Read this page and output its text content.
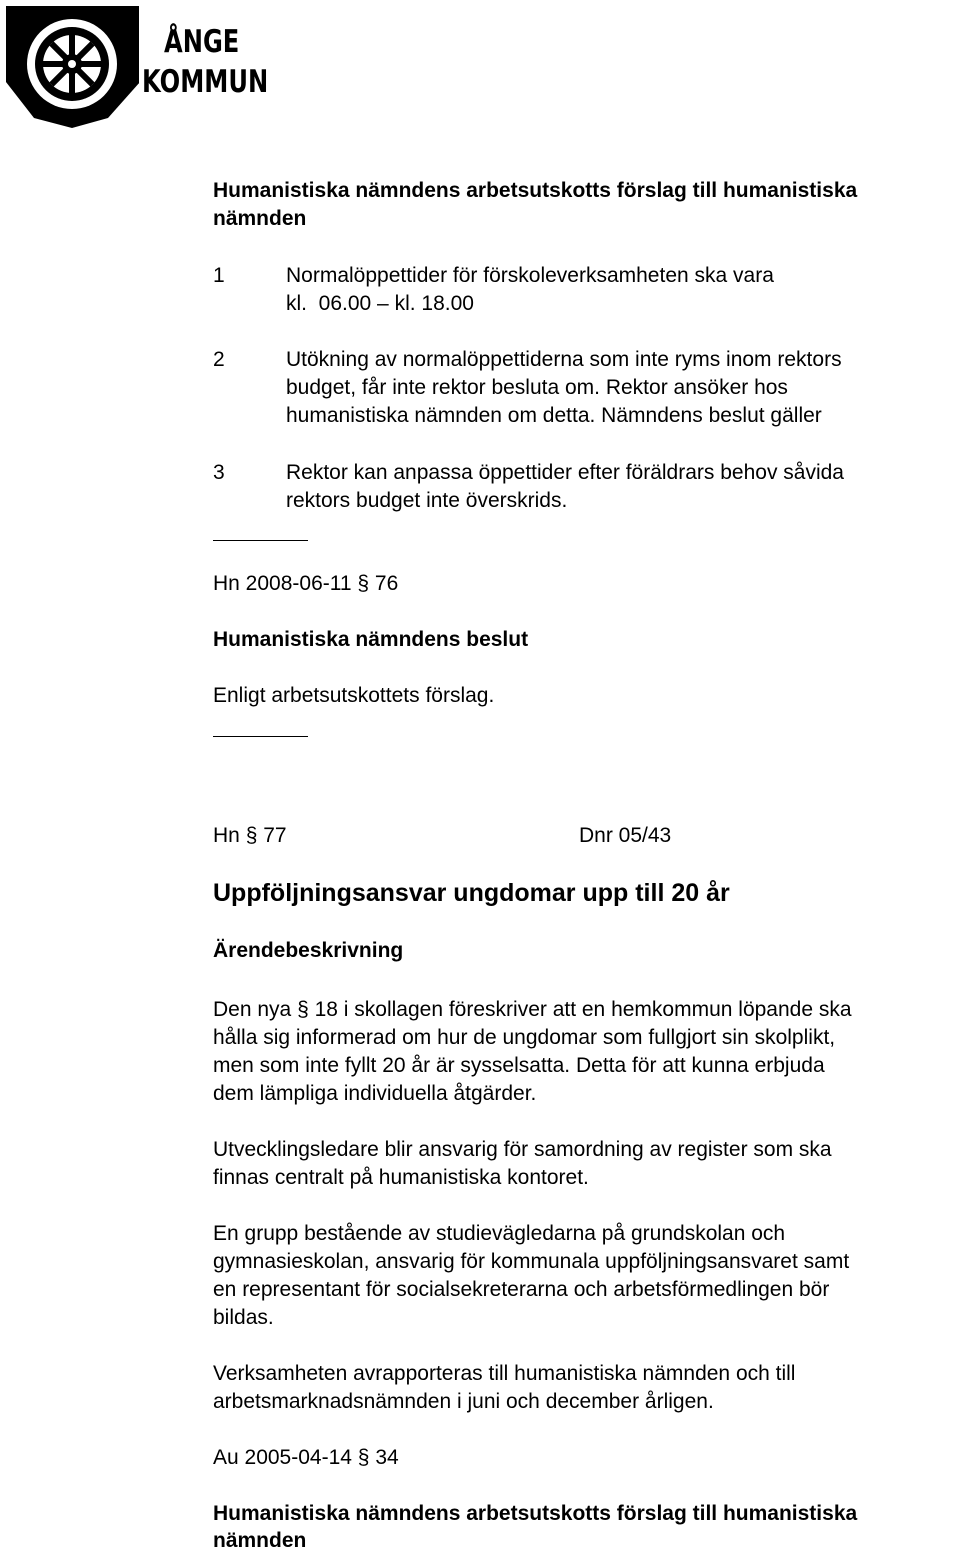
ÅNGE
KOMMUN
Humanistiska nämndens arbetsutskotts förslag till humanistiska
nämnden
1	Normalöppettider för förskoleverksamheten ska vara
kl.  06.00 – kl. 18.00
2	Utökning av normalöppettiderna som inte ryms inom rektors
budget, får inte rektor besluta om. Rektor ansöker hos
humanistiska nämnden om detta. Nämndens beslut gäller
3	Rektor kan anpassa öppettider efter föräldrars behov såvida
rektors budget inte överskrids.
Hn 2008-06-11 § 76
Humanistiska nämndens beslut
Enligt arbetsutskottets förslag.
Hn § 77	Dnr 05/43
Uppföljningsansvar ungdomar upp till 20 år
Ärendebeskrivning
Den nya § 18 i skollagen föreskriver att en hemkommun löpande ska
hålla sig informerad om hur de ungdomar som fullgjort sin skolplikt,
men som inte fyllt 20 år är sysselsatta. Detta för att kunna erbjuda
dem lämpliga individuella åtgärder.
Utvecklingsledare blir ansvarig för samordning av register som ska
finnas centralt på humanistiska kontoret.
En grupp bestående av studievägledarna på grundskolan och
gymnasieskolan, ansvarig för kommunala uppföljningsansvaret samt
en representant för socialsekreterarna och arbetsförmedlingen bör
bildas.
Verksamheten avrapporteras till humanistiska nämnden och till
arbetsmarknadsnämnden i juni och december årligen.
Au 2005-04-14 § 34
Humanistiska nämndens arbetsutskotts förslag till humanistiska
nämnden
